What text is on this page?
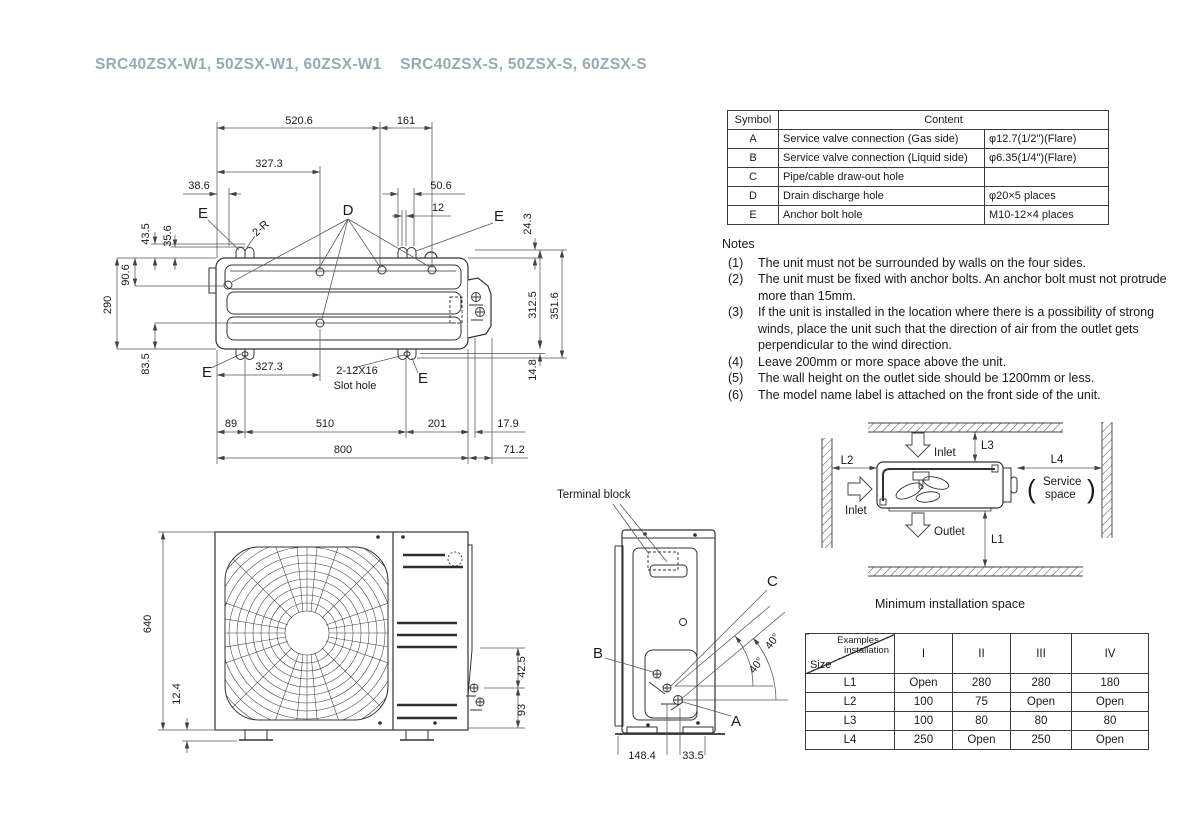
SRC40ZSX-W1, 50ZSX-W1, 60ZSX-W1    SRC40ZSX-S, 50ZSX-S, 60ZSX-S
520.6	161
327.3
38.6	50.6
12
E	E
D
2-R	24.3
43.5 35.6
90.6
290
83.5
312.5 351.6
14.8
E	327.3	2-12X16
Slot hole	E
89	510	201	17.9
800	71.2
640
12.4
42.5
93
Terminal block
B
C
A
40°
40°
148.4 33.5
Symbol	Content	
A	Service valve connection (Gas side)	φ12.7(1/2")(Flare)
B	Service valve connection (Liquid side)	φ6.35(1/4")(Flare)
C	Pipe/cable draw-out hole	
D	Drain discharge hole	φ20×5 places
E	Anchor bolt hole	M10-12×4 places
Notes
(1)	The unit must not be surrounded by walls on the four sides.
(2)	The unit must be fixed with anchor bolts. An anchor bolt must not protrude more than 15mm.
(3)	If the unit is installed in the location where there is a possibility of strong winds, place the unit such that the direction of air from the outlet gets perpendicular to the wind direction.
(4)	Leave 200mm or more space above the unit.
(5)	The wall height on the outlet side should be 1200mm or less.
(6)	The model name label is attached on the front side of the unit.
L2	L4
L3
L1
Inlet
Inlet
Outlet
( Service
space )
Minimum installation space
Examples
installation
Size	I	II	III	IV
L1	Open	280	280	180
L2	100	75	Open	Open
L3	100	80	80	80
L4	250	Open	250	Open
